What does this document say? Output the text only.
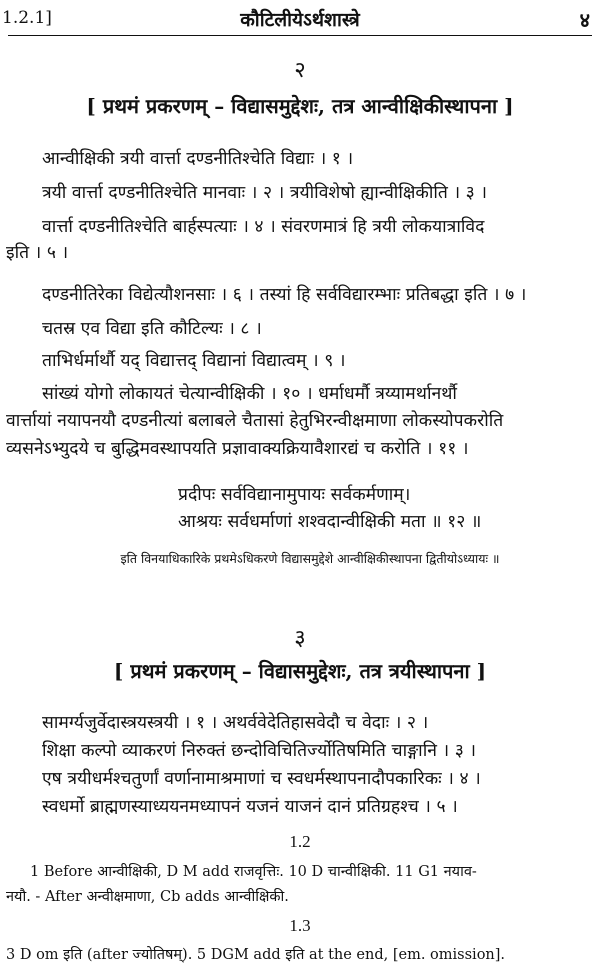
1.2.1]	कौटिलीयेऽर्थशास्त्रे	४
२
[ प्रथमं प्रकरणम् – विद्यासमुद्देशः, तत्र आन्वीक्षिकीस्थापना ]
आन्वीक्षिकी त्रयी वार्त्ता दण्डनीतिश्चेति विद्याः । १ ।
त्रयी वार्त्ता दण्डनीतिश्चेति मानवाः । २ । त्रयीविशेषो ह्यान्वीक्षिकीति । ३ ।
वार्त्ता दण्डनीतिश्चेति बार्हस्पत्याः । ४ । संवरणमात्रं हि त्रयी लोकयात्राविद
इति । ५ ।
दण्डनीतिरेका विद्येत्यौशनसाः । ६ । तस्यां हि सर्वविद्यारम्भाः प्रतिबद्धा इति । ७ ।
चतस्र एव विद्या इति कौटिल्यः । ८ ।
ताभिर्धर्मार्थौ यद् विद्यात्तद् विद्यानां विद्यात्वम् । ९ ।
सांख्यं योगो लोकायतं चेत्यान्वीक्षिकी । १० । धर्माधर्मौ त्रय्यामर्थानर्थौ
वार्त्तायां नयापनयौ दण्डनीत्यां बलाबले चैतासां हेतुभिरन्वीक्षमाणा लोकस्योपकरोति
व्यसनेऽभ्युदये च बुद्धिमवस्थापयति प्रज्ञावाक्यक्रियावैशारद्यं च करोति । ११ ।
प्रदीपः सर्वविद्यानामुपायः सर्वकर्मणाम्।
आश्रयः सर्वधर्माणां शश्वदान्वीक्षिकी मता ॥ १२ ॥
इति विनयाधिकारिके प्रथमेऽधिकरणे विद्यासमुद्देशे आन्वीक्षिकीस्थापना द्वितीयोऽध्यायः ॥
३
[ प्रथमं प्रकरणम् – विद्यासमुद्देशः, तत्र त्रयीस्थापना ]
सामर्ग्यजुर्वेदास्त्रयस्त्रयी । १ । अथर्ववेदेतिहासवेदौ च वेदाः । २ ।
शिक्षा कल्पो व्याकरणं निरुक्तं छन्दोविचितिर्ज्योतिषमिति चाङ्गानि । ३ ।
एष त्रयीधर्मश्चतुर्णां वर्णानामाश्रमाणां च स्वधर्मस्थापनादौपकारिकः । ४ ।
स्वधर्मो ब्राह्मणस्याध्ययनमध्यापनं यजनं याजनं दानं प्रतिग्रहश्च । ५ ।
1.2
1 Before आन्वीक्षिकी, D M add राजवृत्तिः. 10 D चान्वीक्षिकी. 11 G1 नयाव-
नयौ. - After अन्वीक्षमाणा, Cb adds आन्वीक्षिकी.
1.3
3 D om इति (after ज्योतिषम्). 5 DGM add इति at the end, [em. omission].
